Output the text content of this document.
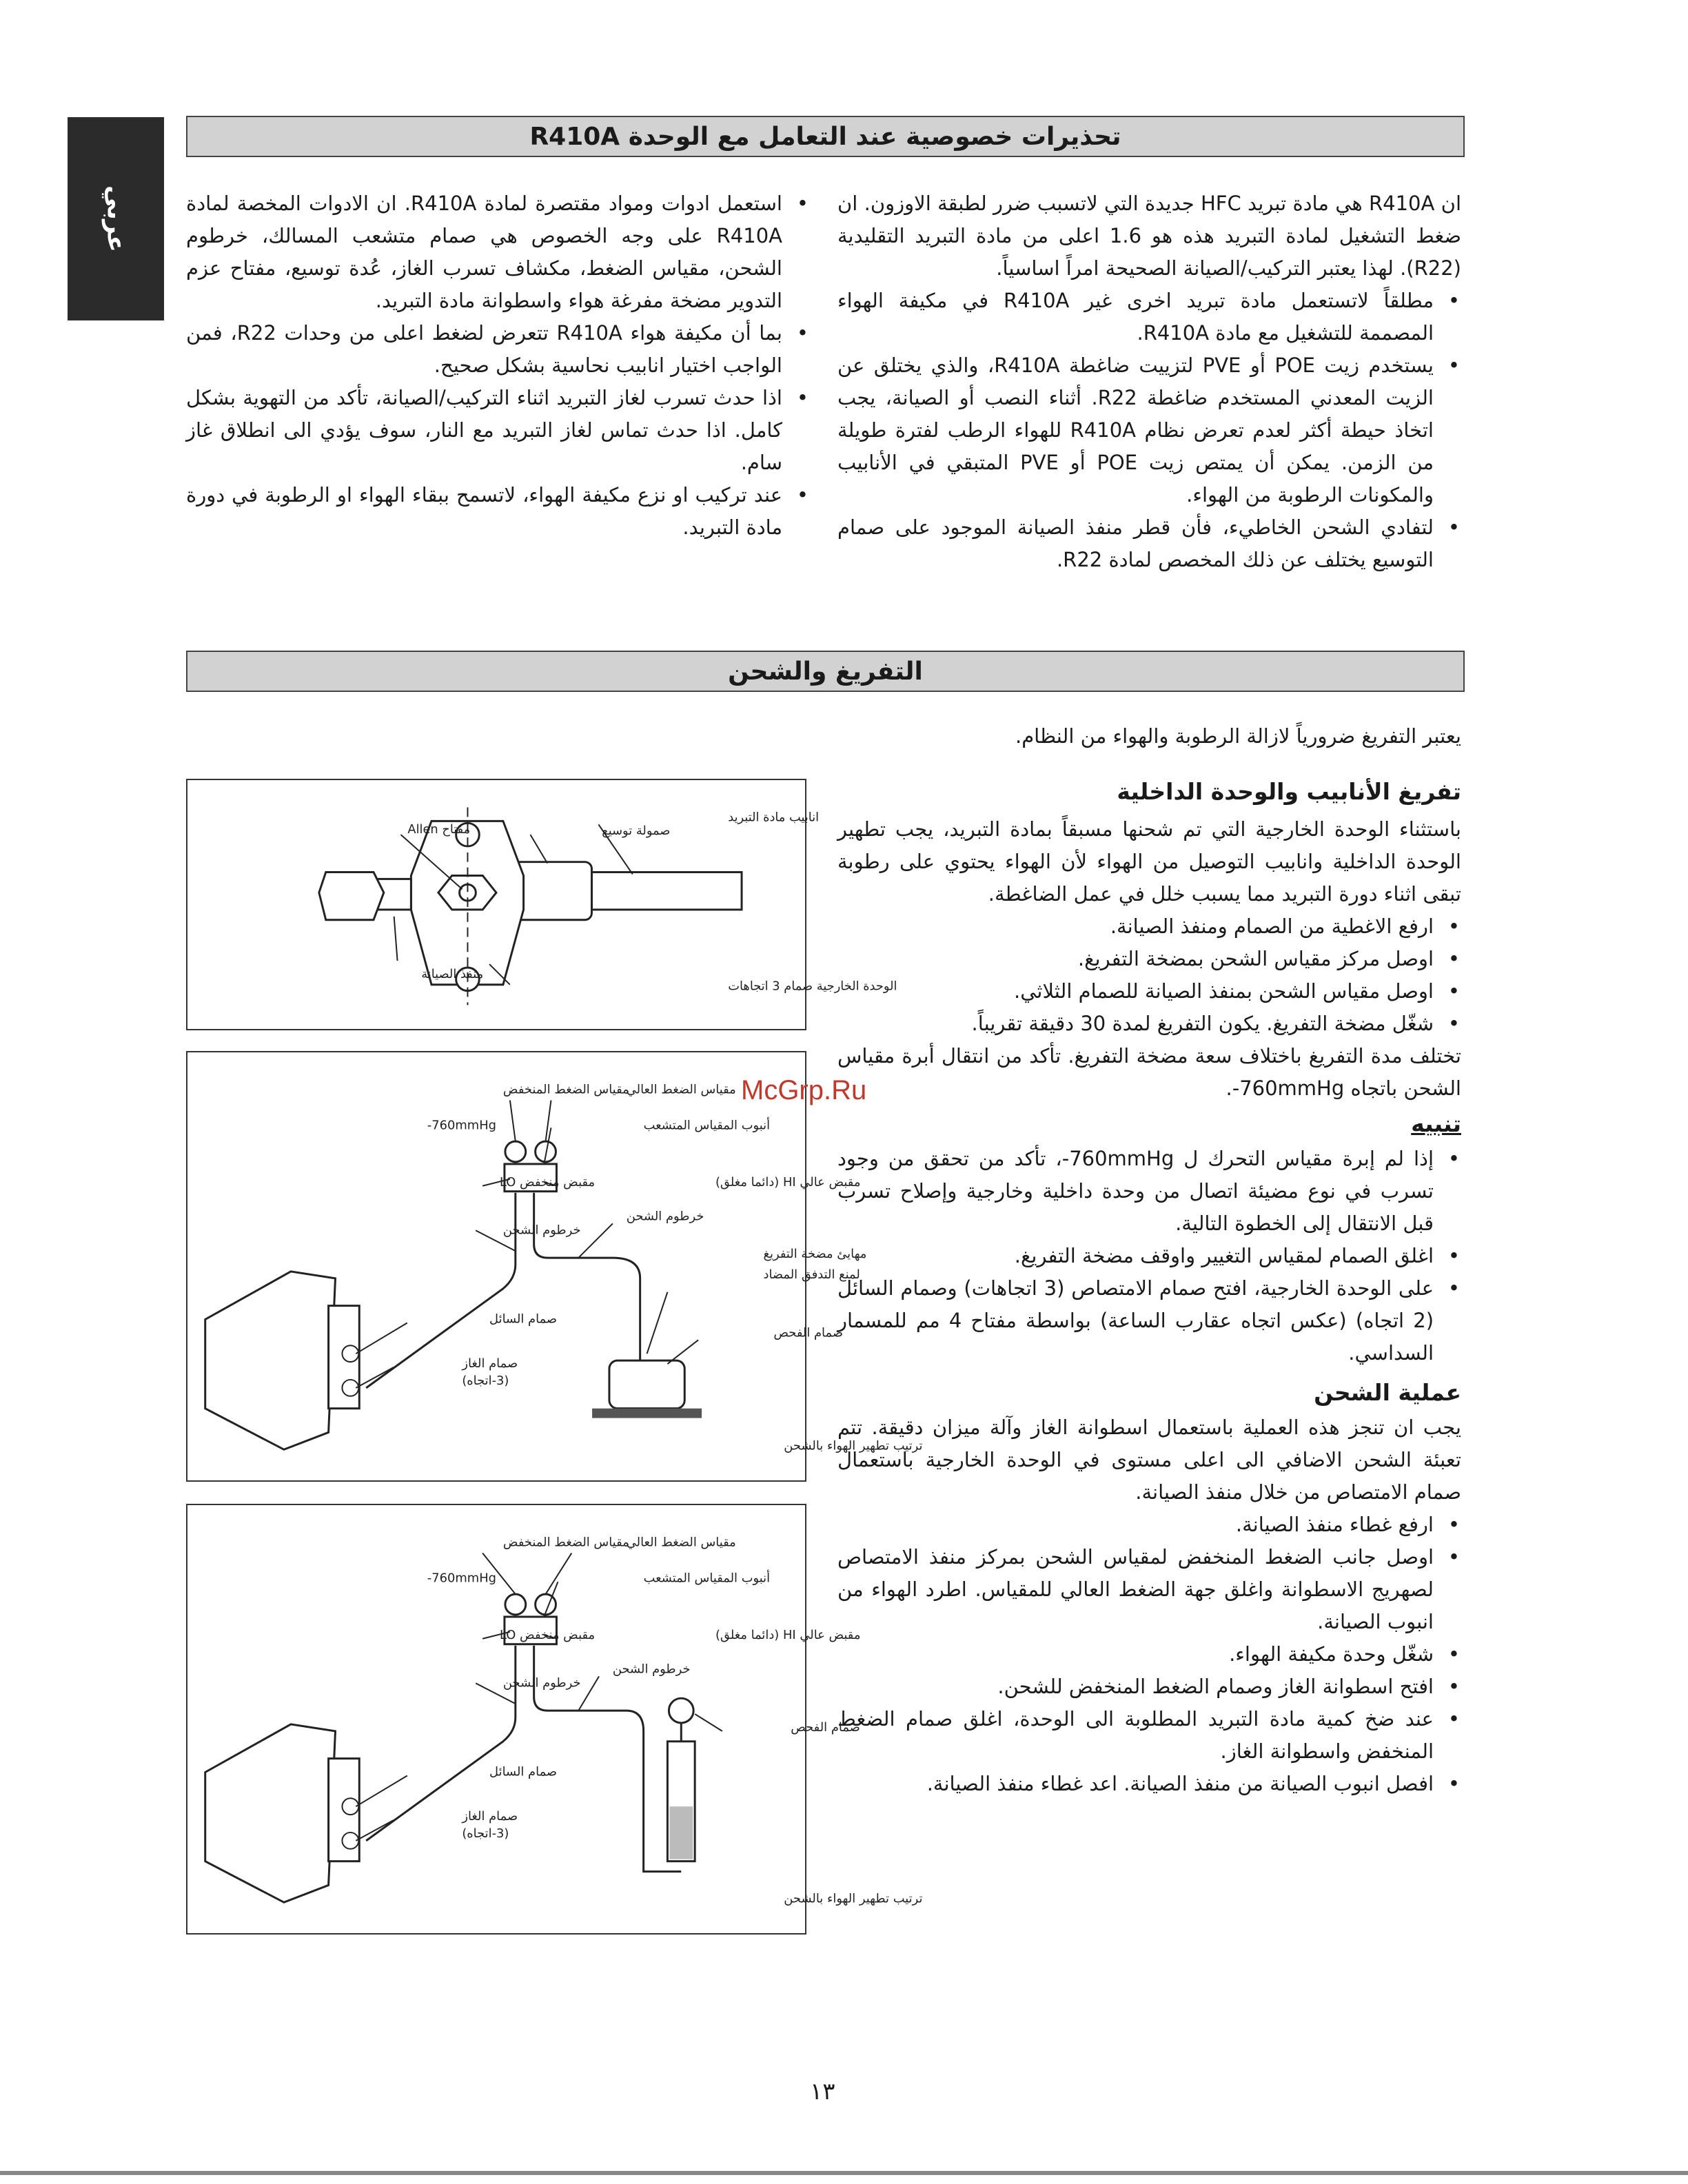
عربي
تحذيرات خصوصية عند التعامل مع الوحدة R410A

ان R410A هي مادة تبريد HFC جديدة التي لاتسبب ضرر لطبقة الاوزون. ان ضغط التشغيل لمادة التبريد هذه هو 1.6 اعلى من مادة التبريد التقليدية (R22). لهذا يعتبر التركيب/الصيانة الصحيحة امراً اساسياً.

• مطلقاً لاتستعمل مادة تبريد اخرى غير R410A في مكيفة الهواء المصممة للتشغيل مع مادة R410A.
• يستخدم زيت POE أو PVE لتزييت ضاغطة R410A، والذي يختلق عن الزيت المعدني المستخدم ضاغطة R22. أثناء النصب أو الصيانة، يجب اتخاذ حيطة أكثر لعدم تعرض نظام R410A للهواء الرطب لفترة طويلة من الزمن. يمكن أن يمتص زيت POE أو PVE المتبقي في الأنابيب والمكونات الرطوبة من الهواء.
• لتفادي الشحن الخاطيء، فأن قطر منفذ الصيانة الموجود على صمام التوسيع يختلف عن ذلك المخصص لمادة R22.
• استعمل ادوات ومواد مقتصرة لمادة R410A. ان الادوات المخصة لمادة R410A على وجه الخصوص هي صمام متشعب المسالك، خرطوم الشحن، مقياس الضغط، مكشاف تسرب الغاز، عُدة توسيع، مفتاح عزم التدوير مضخة مفرغة هواء واسطوانة مادة التبريد.
• بما أن مكيفة هواء R410A تتعرض لضغط اعلى من وحدات R22، فمن الواجب اختيار انابيب نحاسية بشكل صحيح.
• اذا حدث تسرب لغاز التبريد اثناء التركيب/الصيانة، تأكد من التهوية بشكل كامل. اذا حدث تماس لغاز التبريد مع النار، سوف يؤدي الى انطلاق غاز سام.
• عند تركيب او نزع مكيفة الهواء، لاتسمح ببقاء الهواء او الرطوبة في دورة مادة التبريد.
التفريغ والشحن
يعتبر التفريغ ضرورياً لازالة الرطوبة والهواء من النظام.
تفريغ الأنابيب والوحدة الداخلية

باستثناء الوحدة الخارجية التي تم شحنها مسبقاً بمادة التبريد، يجب تطهير الوحدة الداخلية وانابيب التوصيل من الهواء لأن الهواء يحتوي على رطوبة تبقى اثناء دورة التبريد مما يسبب خلل في عمل الضاغطة.

• ارفع الاغطية من الصمام ومنفذ الصيانة.
• اوصل مركز مقياس الشحن بمضخة التفريغ.
• اوصل مقياس الشحن بمنفذ الصيانة للصمام الثلاثي.
• شغّل مضخة التفريغ. يكون التفريغ لمدة 30 دقيقة تقريباً.

تختلف مدة التفريغ باختلاف سعة مضخة التفريغ. تأكد من انتقال أبرة مقياس الشحن باتجاه 760mmHg-.

تنبيه
• إذا لم إبرة مقياس التحرك ل 760mmHg-، تأكد من تحقق من وجود تسرب في نوع مضيئة اتصال من وحدة داخلية وخارجية وإصلاح تسرب قبل الانتقال إلى الخطوة التالية.
• اغلق الصمام لمقياس التغيير واوقف مضخة التفريغ.
• على الوحدة الخارجية، افتح صمام الامتصاص (3 اتجاهات) وصمام السائل (2 اتجاه) (عكس اتجاه عقارب الساعة) بواسطة مفتاح 4 مم للمسمار السداسي.
عملية الشحن

يجب ان تنجز هذه العملية باستعمال اسطوانة الغاز وآلة ميزان دقيقة. تتم تعبئة الشحن الاضافي الى اعلى مستوى في الوحدة الخارجية باستعمال صمام الامتصاص من خلال منفذ الصيانة.

• ارفع غطاء منفذ الصيانة.
• اوصل جانب الضغط المنخفض لمقياس الشحن بمركز منفذ الامتصاص لصهريج الاسطوانة واغلق جهة الضغط العالي للمقياس. اطرد الهواء من انبوب الصيانة.
• شغّل وحدة مكيفة الهواء.
• افتح اسطوانة الغاز وصمام الضغط المنخفض للشحن.
• عند ضخ كمية مادة التبريد المطلوبة الى الوحدة، اغلق صمام الضغط المنخفض واسطوانة الغاز.
• افصل انبوب الصيانة من منفذ الصيانة. اعد غطاء منفذ الصيانة.
انابيب مادة التبريد
صمولة توسيع
مفتاح Allen
منفذ الصيانة
الوحدة الخارجية صمام 3 اتجاهات
مقياس الضغط المنخفض
مقياس الضغط العالي
-760mmHg	أنبوب المقياس المتشعب
مقبض منخفض LO	مقبض عالي HI (دائما مغلق)
خرطوم الشحن
خرطوم الشحن
مهايئ مضخة التفريغ
لمنع التدفق المضاد
صمام الفحص
صمام السائل
صمام الغاز
(3-اتجاه)
ترتيب تطهير الهواء بالشحن
مقياس الضغط المنخفض
مقياس الضغط العالي
-760mmHg	أنبوب المقياس المتشعب
مقبض منخفض LO	مقبض عالي HI (دائما مغلق)
خرطوم الشحن
خرطوم الشحن
صمام الفحص
صمام السائل
صمام الغاز
(3-اتجاه)
ترتيب تطهير الهواء بالشحن
McGrp.Ru
١٣
